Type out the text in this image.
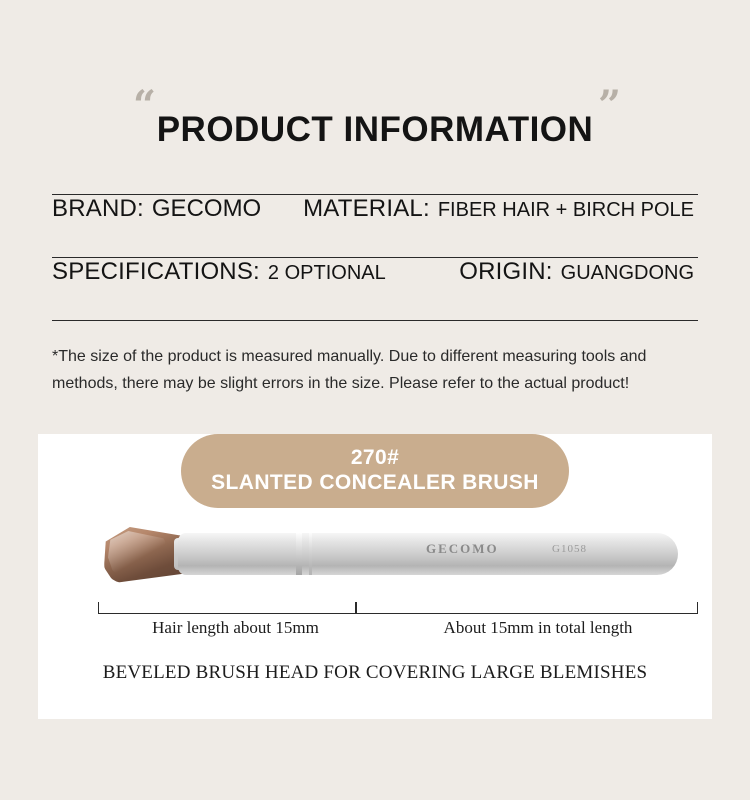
“	”
PRODUCT INFORMATION
BRAND: GECOMO MATERIAL: FIBER HAIR + BIRCH POLE
SPECIFICATIONS: 2 OPTIONAL	ORIGIN: GUANGDONG

*The size of the product is measured manually. Due to different measuring tools and methods, there may be slight errors in the size. Please refer to the actual product!

270#
SLANTED CONCEALER BRUSH
GECOMO	G1058
Hair length about 15mm	About 15mm in total length
BEVELED BRUSH HEAD FOR COVERING LARGE BLEMISHES
